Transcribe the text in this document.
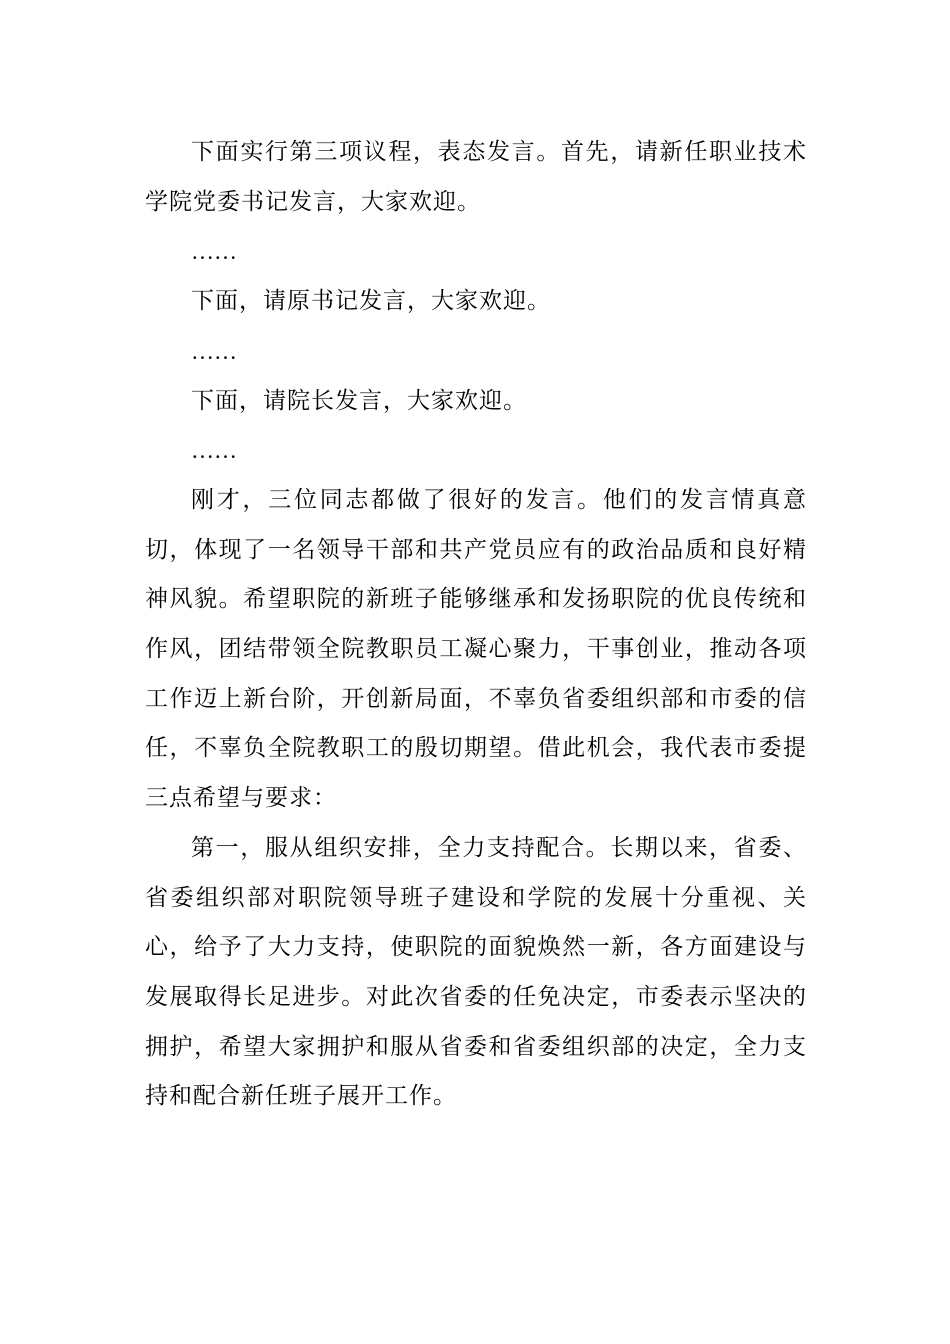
下面实行第三项议程，表态发言。首先，请新任职业技术学院党委书记发言，大家欢迎。

……

下面，请原书记发言，大家欢迎。

……

下面，请院长发言，大家欢迎。

……

刚才，三位同志都做了很好的发言。他们的发言情真意切，体现了一名领导干部和共产党员应有的政治品质和良好精神风貌。希望职院的新班子能够继承和发扬职院的优良传统和作风，团结带领全院教职员工凝心聚力，干事创业，推动各项工作迈上新台阶，开创新局面，不辜负省委组织部和市委的信任，不辜负全院教职工的殷切期望。借此机会，我代表市委提三点希望与要求：

第一，服从组织安排，全力支持配合。长期以来，省委、省委组织部对职院领导班子建设和学院的发展十分重视、关心，给予了大力支持，使职院的面貌焕然一新，各方面建设与发展取得长足进步。对此次省委的任免决定，市委表示坚决的拥护，希望大家拥护和服从省委和省委组织部的决定，全力支持和配合新任班子展开工作。
